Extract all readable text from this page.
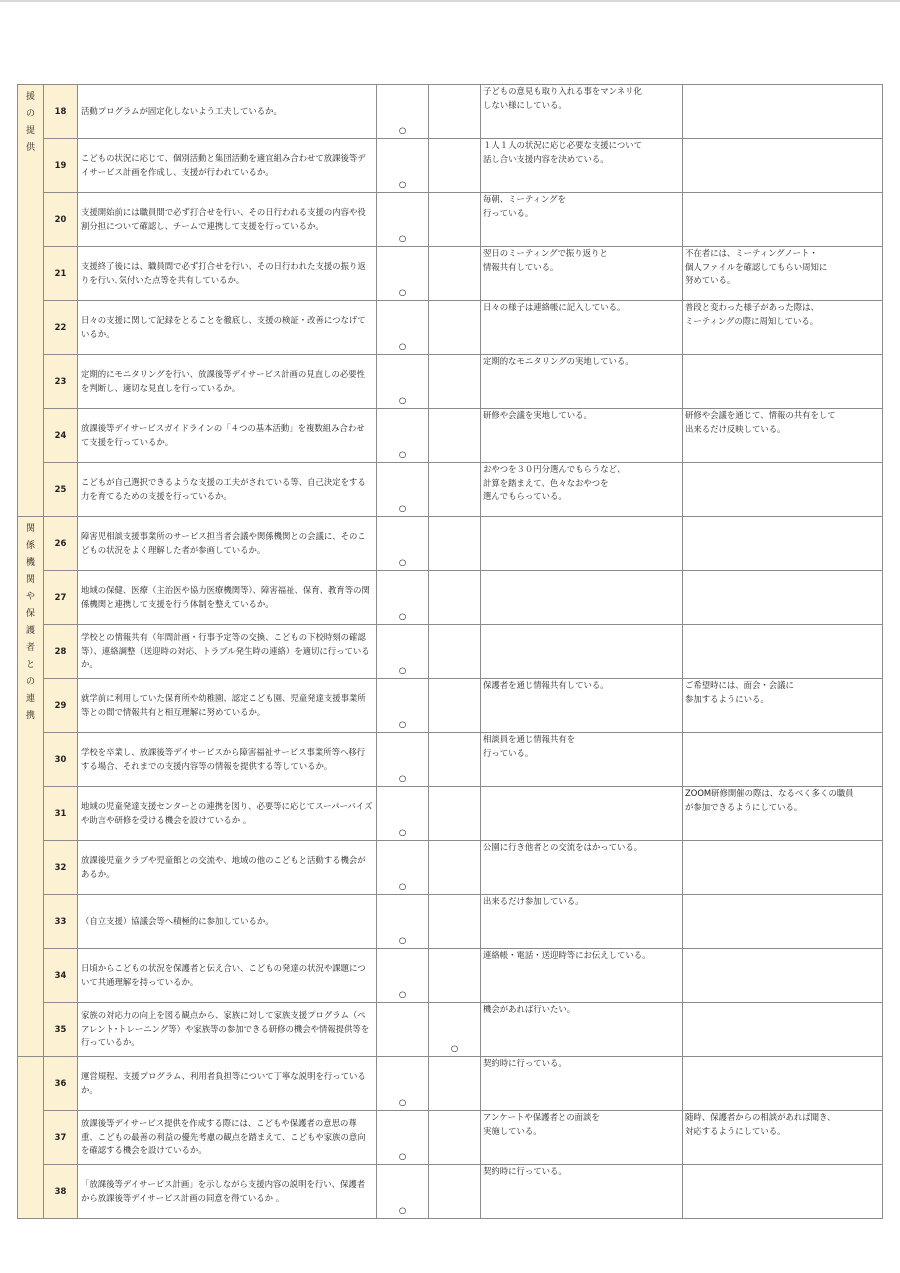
援の提供	18	活動プログラムが固定化しないよう工夫しているか。	○		子どもの意見も取り入れる事をマンネリ化
しない様にしている。	
	19	こどもの状況に応じて、個別活動と集団活動を適宜組み合わせて放課後等デイサービス計画を作成し、支援が行われているか。	○		１人１人の状況に応じ必要な支援について
話し合い支援内容を決めている。	
	20	支援開始前には職員間で必ず打合せを行い、その日行われる支援の内容や役割分担について確認し、チームで連携して支援を行っているか。	○		毎朝、ミーティングを
行っている。	
	21	支援終了後には、職員間で必ず打合せを行い、その日行われた支援の振り返りを行い､気付いた点等を共有しているか。	○		翌日のミーティングで振り返りと
情報共有している。	不在者には、ミーティングノート・
個人ファイルを確認してもらい周知に
努めている。
	22	日々の支援に関して記録をとることを徹底し、支援の検証・改善につなげているか。	○		日々の様子は連絡帳に記入している。	普段と変わった様子があった際は、
ミーティングの際に周知している。
	23	定期的にモニタリングを行い、放課後等デイサービス計画の見直しの必要性を判断し、適切な見直しを行っているか。	○		定期的なモニタリングの実地している。	
	24	放課後等デイサービスガイドラインの「４つの基本活動」を複数組み合わせて支援を行っているか。	○		研修や会議を実地している。	研修や会議を通じて、情報の共有をして
出来るだけ反映している。
	25	こどもが自己選択できるような支援の工夫がされている等、自己決定をする力を育てるための支援を行っているか。	○		おやつを３０円分選んでもらうなど、
計算を踏まえて、色々なおやつを
選んでもらっている。	

関係機関や保護者との連携	26	障害児相談支援事業所のサービス担当者会議や関係機関との会議に、そのこどもの状況をよく理解した者が参画しているか。	○			
	27	地域の保健、医療（主治医や協力医療機関等）、障害福祉、保育、教育等の関係機関と連携して支援を行う体制を整えているか。	○			
	28	学校との情報共有（年間計画・行事予定等の交換、こどもの下校時刻の確認等）、連絡調整（送迎時の対応、トラブル発生時の連絡）を適切に行っているか。	○			
	29	就学前に利用していた保育所や幼稚園、認定こども園、児童発達支援事業所等との間で情報共有と相互理解に努めているか。	○		保護者を通じ情報共有している。	ご希望時には、面会・会議に
参加するようにいる。
	30	学校を卒業し、放課後等デイサービスから障害福祉サービス事業所等へ移行する場合、それまでの支援内容等の情報を提供する等しているか。	○		相談員を通じ情報共有を
行っている。	
	31	地域の児童発達支援センターとの連携を図り、必要等に応じてスーパーバイズや助言や研修を受ける機会を設けているか 。	○			ZOOM研修開催の際は、なるべく多くの職員
が参加できるようにしている。
	32	放課後児童クラブや児童館との交流や、地域の他のこどもと活動する機会があるか。	○		公園に行き他者との交流をはかっている。	
	33	（自立支援）協議会等へ積極的に参加しているか。	○		出来るだけ参加している。	
	34	日頃からこどもの状況を保護者と伝え合い、こどもの発達の状況や課題について共通理解を持っているか。	○		連絡帳・電話・送迎時等にお伝えしている。	
	35	家族の対応力の向上を図る観点から、家族に対して家族支援プログラム（ペアレント･トレーニング等）や家族等の参加できる研修の機会や情報提供等を行っているか。		○	機会があれば行いたい。	

	36	運営規程、支援プログラム、利用者負担等について丁寧な説明を行っているか。	○		契約時に行っている。	
	37	放課後等デイサービス提供を作成する際には、こどもや保護者の意思の尊重、こどもの最善の利益の優先考慮の観点を踏まえて、こどもや家族の意向を確認する機会を設けているか。	○		アンケートや保護者との面談を
実施している。	随時、保護者からの相談があれば聞き、
対応するようにしている。
	38	「放課後等デイサービス計画」を示しながら支援内容の説明を行い、保護者から放課後等デイサービス計画の同意を得ているか 。	○		契約時に行っている。	
